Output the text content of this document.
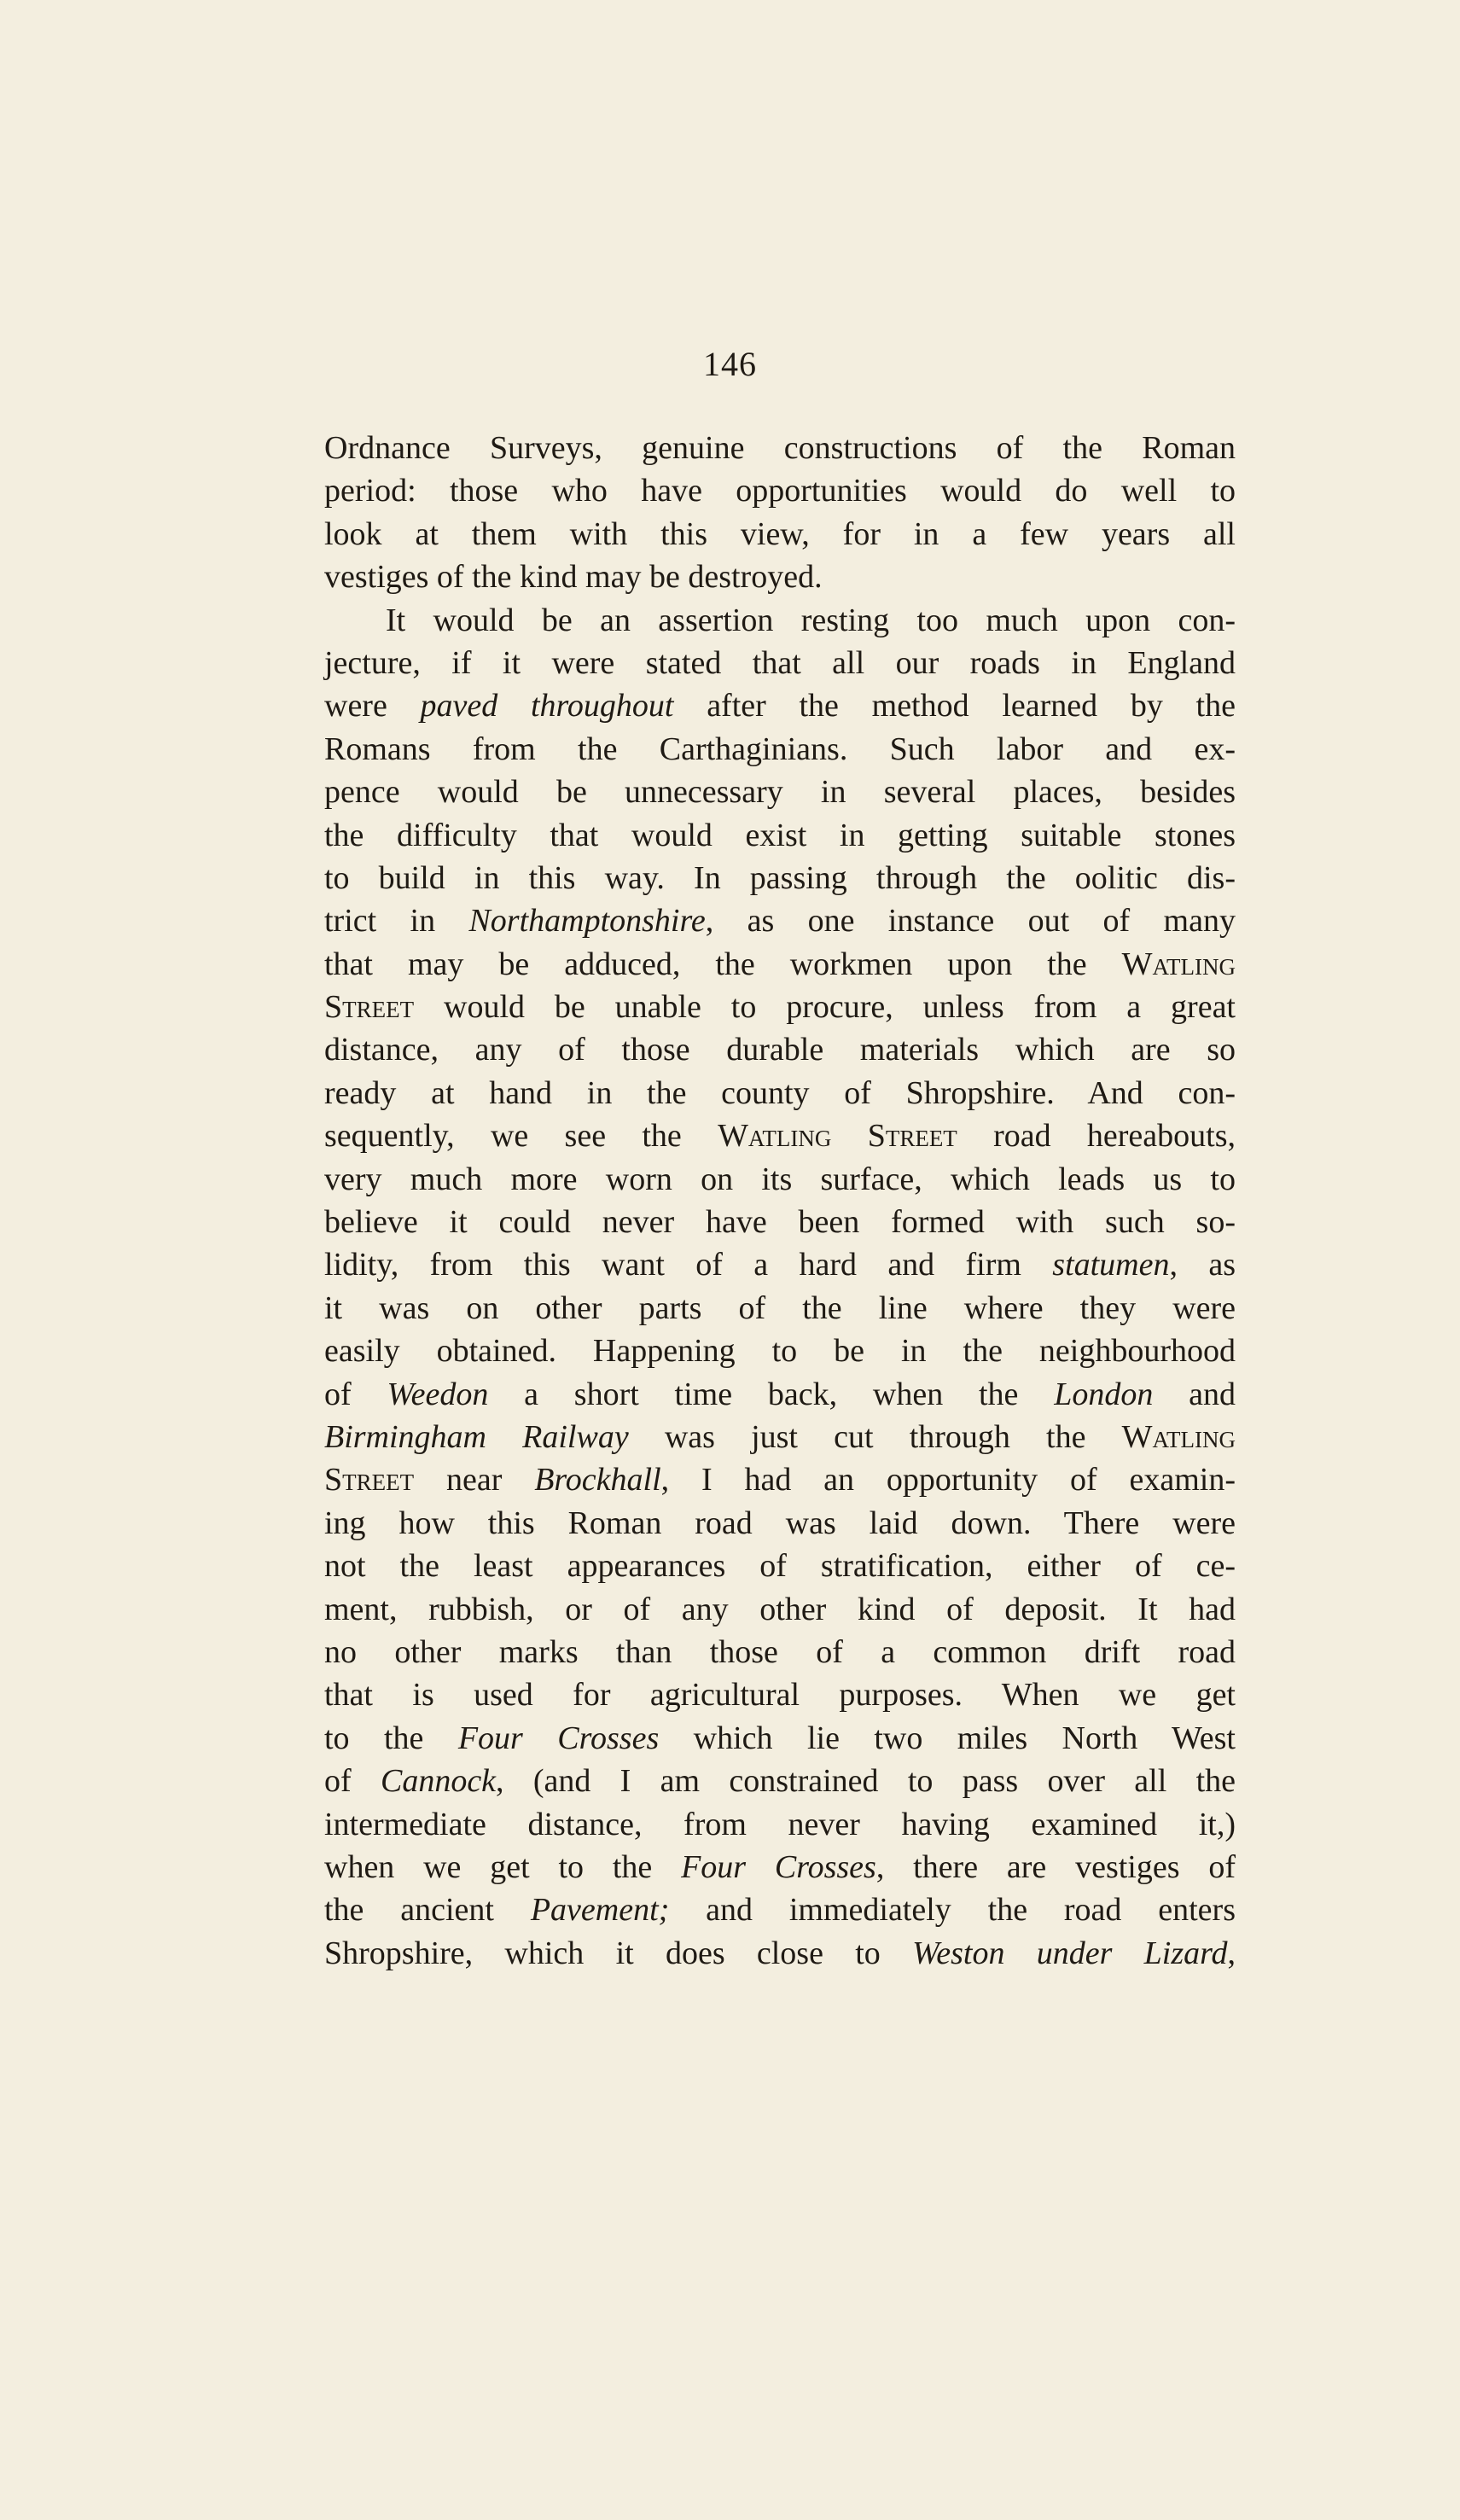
146
Ordnance Surveys, genuine constructions of the Roman
period: those who have opportunities would do well to
look at them with this view, for in a few years all
vestiges of the kind may be destroyed.
It would be an assertion resting too much upon con-
jecture, if it were stated that all our roads in England
were paved throughout after the method learned by the
Romans from the Carthaginians. Such labor and ex-
pence would be unnecessary in several places, besides
the difficulty that would exist in getting suitable stones
to build in this way. In passing through the oolitic dis-
trict in Northamptonshire, as one instance out of many
that may be adduced, the workmen upon the Watling
Street would be unable to procure, unless from a great
distance, any of those durable materials which are so
ready at hand in the county of Shropshire. And con-
sequently, we see the Watling Street road hereabouts,
very much more worn on its surface, which leads us to
believe it could never have been formed with such so-
lidity, from this want of a hard and firm statumen, as
it was on other parts of the line where they were
easily obtained. Happening to be in the neighbourhood
of Weedon a short time back, when the London and
Birmingham Railway was just cut through the Watling
Street near Brockhall, I had an opportunity of examin-
ing how this Roman road was laid down. There were
not the least appearances of stratification, either of ce-
ment, rubbish, or of any other kind of deposit. It had
no other marks than those of a common drift road
that is used for agricultural purposes. When we get
to the Four Crosses which lie two miles North West
of Cannock, (and I am constrained to pass over all the
intermediate distance, from never having examined it,)
when we get to the Four Crosses, there are vestiges of
the ancient Pavement; and immediately the road enters
Shropshire, which it does close to Weston under Lizard,
